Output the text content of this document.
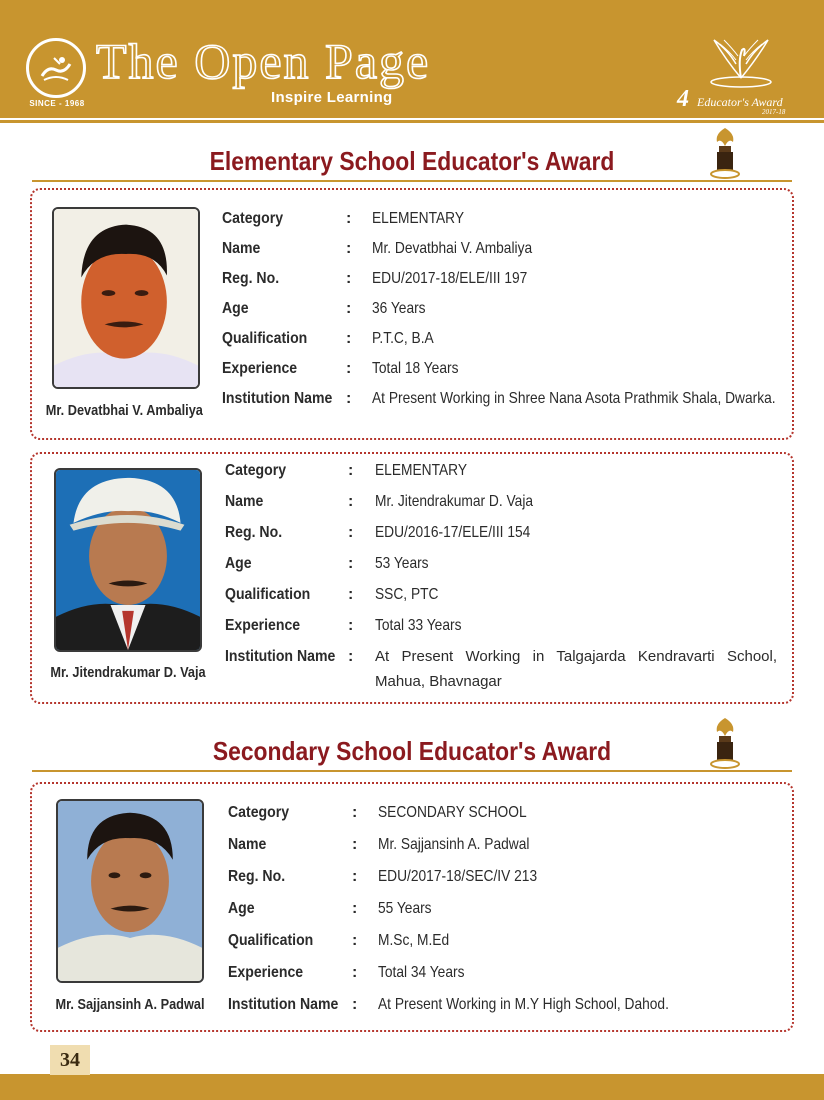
SINCE - 1968
The Open Page
Inspire Learning	4 Educator's Award
2017-18
Elementary School Educator's Award
Mr. Devatbhai V. Ambaliya
Category	: ELEMENTARY
Name	: Mr. Devatbhai V. Ambaliya
Reg. No.	: EDU/2017-18/ELE/III 197
Age	: 36 Years
Qualification : P.T.C, B.A
Experience	: Total 18 Years
Institution Name : At Present Working in Shree Nana Asota Prathmik Shala, Dwarka.
Mr. Jitendrakumar D. Vaja
Category	: ELEMENTARY
Name	: Mr. Jitendrakumar D. Vaja
Reg. No.	: EDU/2016-17/ELE/III 154
Age	: 53 Years
Qualification : SSC, PTC
Experience	: Total 33 Years
Institution Name : At Present Working in Talgajarda Kendravarti School, Mahua, Bhavnagar
Secondary School Educator's Award
Mr. Sajjansinh A. Padwal
Category	: SECONDARY SCHOOL
Name	: Mr. Sajjansinh A. Padwal
Reg. No.	: EDU/2017-18/SEC/IV 213
Age	: 55 Years
Qualification : M.Sc, M.Ed
Experience	: Total 34 Years
Institution Name : At Present Working in M.Y High School, Dahod.
34
